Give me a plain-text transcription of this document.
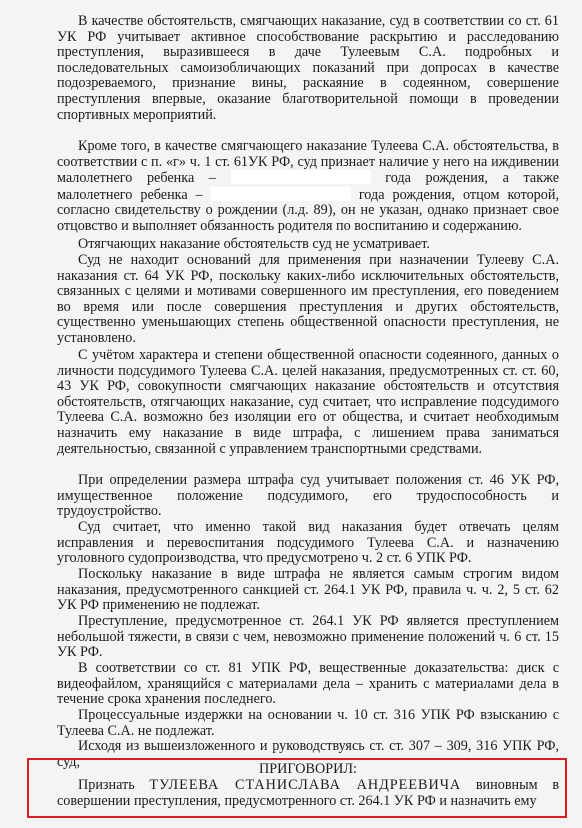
В качестве обстоятельств, смягчающих наказание, суд в соответствии со ст. 61 УК РФ учитывает активное способствование раскрытию и расследованию преступления, выразившееся в даче Тулеевым С.А. подробных и последовательных самоизобличающих показаний при допросах в качестве подозреваемого, признание вины, раскаяние в содеянном, совершение преступления впервые, оказание благотворительной помощи в проведении спортивных мероприятий.

Кроме того, в качестве смягчающего наказание Тулеева С.А. обстоятельства, в соответствии с п. «г» ч. 1 ст. 61УК РФ, суд признает наличие у него на иждивении малолетнего ребенка –	года рождения, а также малолетнего ребенка –	года рождения, отцом которой, согласно свидетельству о рождении (л.д. 89), он не указан, однако признает свое отцовство и выполняет обязанность родителя по воспитанию и содержанию.

Отягчающих наказание обстоятельств суд не усматривает.

Суд не находит оснований для применения при назначении Тулееву С.А. наказания ст. 64 УК РФ, поскольку каких-либо исключительных обстоятельств, связанных с целями и мотивами совершенного им преступления, его поведением во время или после совершения преступления и других обстоятельств, существенно уменьшающих степень общественной опасности преступления, не установлено.

С учётом характера и степени общественной опасности содеянного, данных о личности подсудимого Тулеева С.А. целей наказания, предусмотренных ст. ст. 60, 43 УК РФ, совокупности смягчающих наказание обстоятельств и отсутствия обстоятельств, отягчающих наказание, суд считает, что исправление подсудимого Тулеева С.А. возможно без изоляции его от общества, и считает необходимым назначить ему наказание в виде штрафа, с лишением права заниматься деятельностью, связанной с управлением транспортными средствами.

При определении размера штрафа суд учитывает положения ст. 46 УК РФ, имущественное положение подсудимого, его трудоспособность и трудоустройство.

Суд считает, что именно такой вид наказания будет отвечать целям исправления и перевоспитания подсудимого Тулеева С.А. и назначению уголовного судопроизводства, что предусмотрено ч. 2 ст. 6 УПК РФ.

Поскольку наказание в виде штрафа не является самым строгим видом наказания, предусмотренного санкцией ст. 264.1 УК РФ, правила ч. ч. 2, 5 ст. 62 УК РФ применению не подлежат.

Преступление, предусмотренное ст. 264.1 УК РФ является преступлением небольшой тяжести, в связи с чем, невозможно применение положений ч. 6 ст. 15 УК РФ.

В соответствии со ст. 81 УПК РФ, вещественные доказательства: диск с видеофайлом, хранящийся с материалами дела – хранить с материалами дела в течение срока хранения последнего.

Процессуальные издержки на основании ч. 10 ст. 316 УПК РФ взысканию с Тулеева С.А. не подлежат.

Исходя из вышеизложенного и руководствуясь ст. ст. 307 – 309, 316 УПК РФ, суд,	ПРИГОВОРИЛ:

Признать ТУЛЕЕВА СТАНИСЛАВА АНДРЕЕВИЧА виновным в совершении преступления, предусмотренного ст. 264.1 УК РФ и назначить ему
